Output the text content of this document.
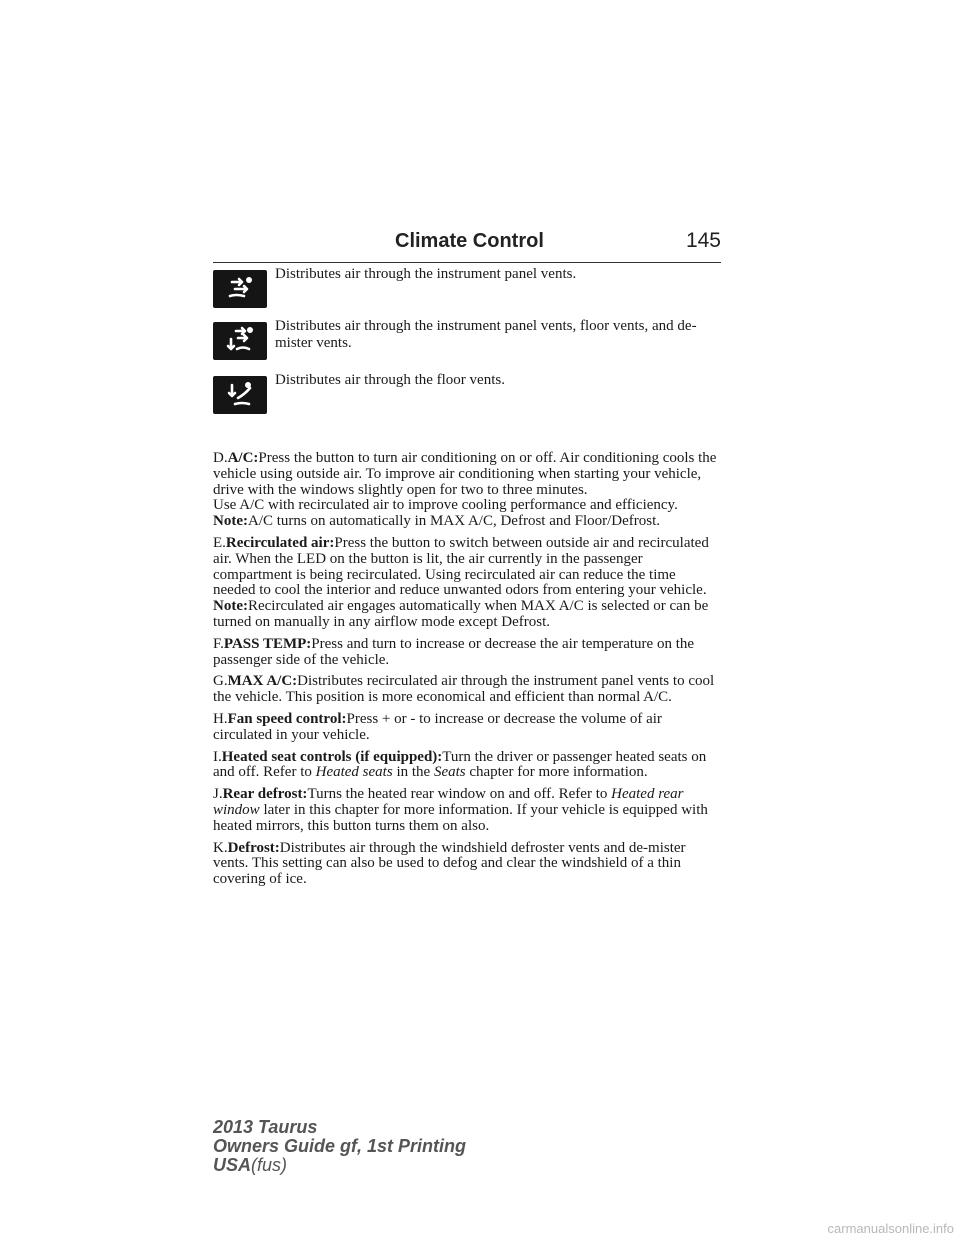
Climate Control	145
Distributes air through the instrument panel vents.
Distributes air through the instrument panel vents, floor vents, and de-mister vents.
Distributes air through the floor vents.

D.A/C:Press the button to turn air conditioning on or off. Air conditioning cools the vehicle using outside air. To improve air conditioning when starting your vehicle, drive with the windows slightly open for two to three minutes.
Use A/C with recirculated air to improve cooling performance and efficiency.
Note:A/C turns on automatically in MAX A/C, Defrost and Floor/Defrost.

E.Recirculated air:Press the button to switch between outside air and recirculated air. When the LED on the button is lit, the air currently in the passenger compartment is being recirculated. Using recirculated air can reduce the time needed to cool the interior and reduce unwanted odors from entering your vehicle.
Note:Recirculated air engages automatically when MAX A/C is selected or can be turned on manually in any airflow mode except Defrost.

F.PASS TEMP:Press and turn to increase or decrease the air temperature on the passenger side of the vehicle.

G.MAX A/C:Distributes recirculated air through the instrument panel vents to cool the vehicle. This position is more economical and efficient than normal A/C.

H.Fan speed control:Press + or - to increase or decrease the volume of air circulated in your vehicle.

I.Heated seat controls (if equipped):Turn the driver or passenger heated seats on and off. Refer to Heated seats in the Seats chapter for more information.

J.Rear defrost:Turns the heated rear window on and off. Refer to Heated rear window later in this chapter for more information. If your vehicle is equipped with heated mirrors, this button turns them on also.

K.Defrost:Distributes air through the windshield defroster vents and de-mister vents. This setting can also be used to defog and clear the windshield of a thin covering of ice.

2013 Taurus
Owners Guide gf, 1st Printing
USA(fus)
carmanualsonline.info
